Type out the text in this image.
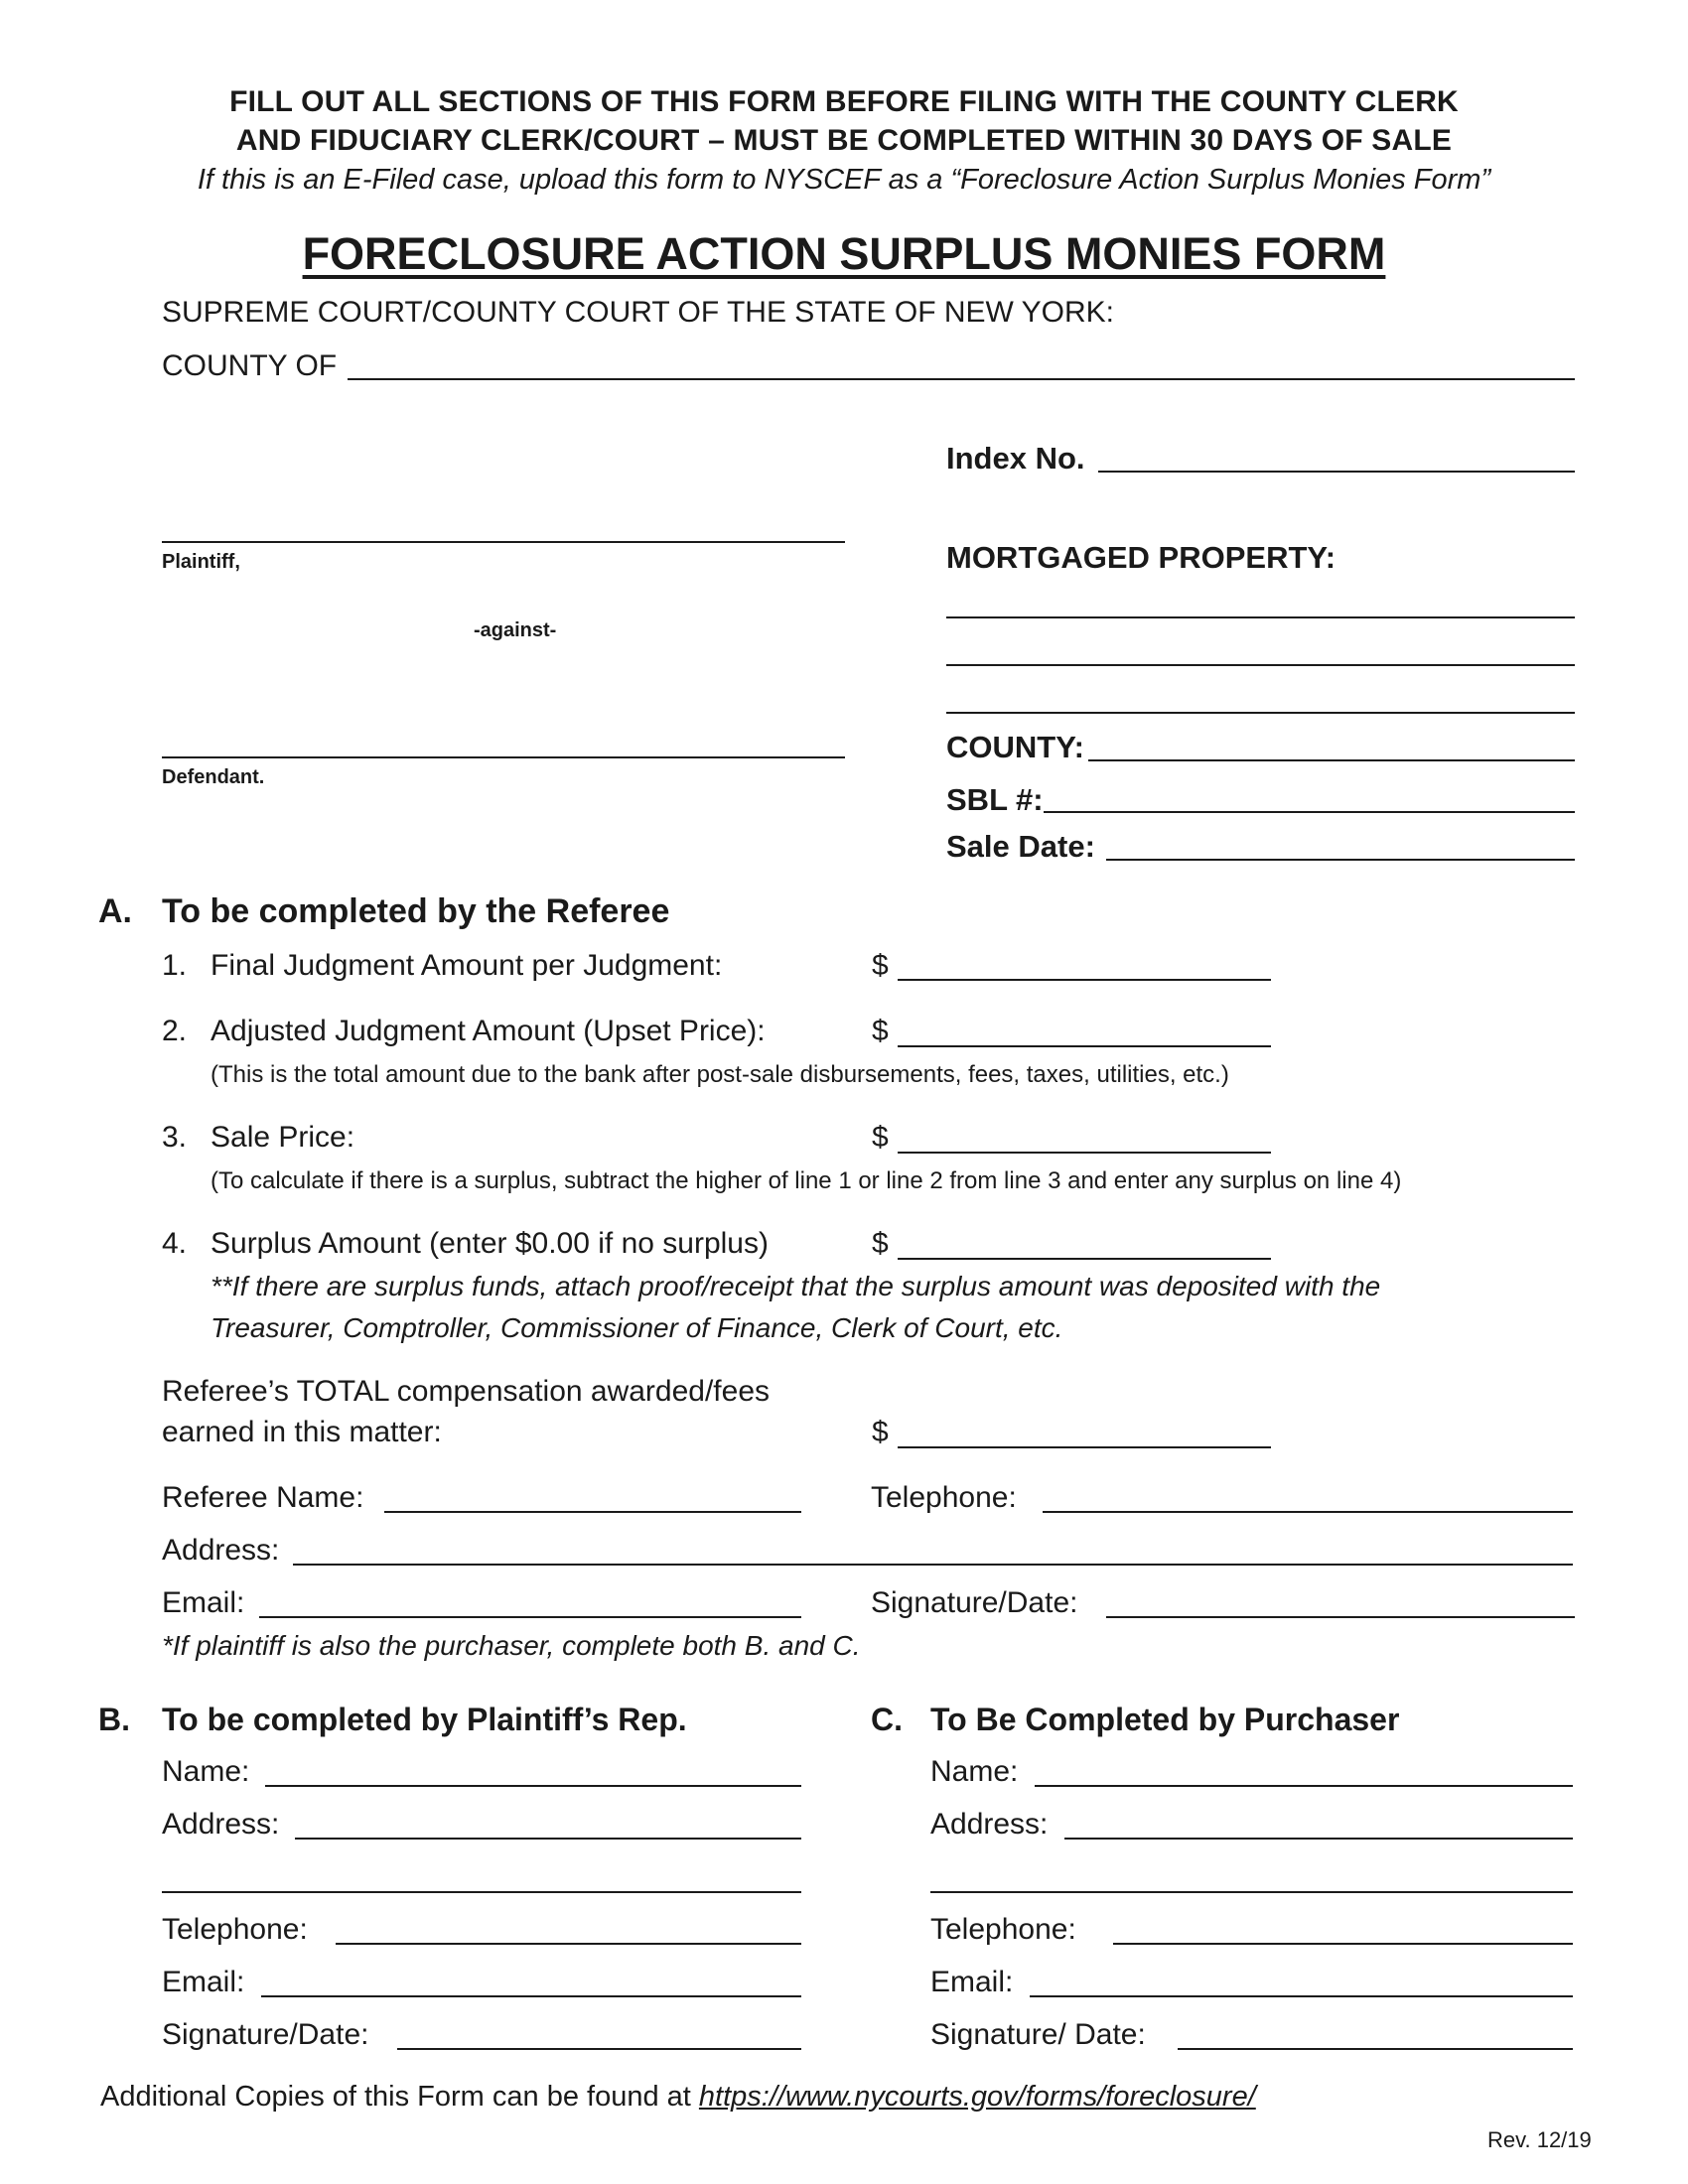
FILL OUT ALL SECTIONS OF THIS FORM BEFORE FILING WITH THE COUNTY CLERK
AND FIDUCIARY CLERK/COURT – MUST BE COMPLETED WITHIN 30 DAYS OF SALE
If this is an E-Filed case, upload this form to NYSCEF as a “Foreclosure Action Surplus Monies Form”
FORECLOSURE ACTION SURPLUS MONIES FORM
SUPREME COURT/COUNTY COURT OF THE STATE OF NEW YORK:
COUNTY OF
Plaintiff,
-against-
Defendant.
Index No.
MORTGAGED PROPERTY:
COUNTY:
SBL #:
Sale Date:
A. To be completed by the Referee
1. Final Judgment Amount per Judgment:	$
2. Adjusted Judgment Amount (Upset Price):	$
(This is the total amount due to the bank after post-sale disbursements, fees, taxes, utilities, etc.)
3. Sale Price:	$
(To calculate if there is a surplus, subtract the higher of line 1 or line 2 from line 3 and enter any surplus on line 4)
4. Surplus Amount (enter $0.00 if no surplus)	$
**If there are surplus funds, attach proof/receipt that the surplus amount was deposited with the
Treasurer, Comptroller, Commissioner of Finance, Clerk of Court, etc.
Referee’s TOTAL compensation awarded/fees
earned in this matter:	$
Referee Name:	Telephone:
Address:
Email:	Signature/Date:
*If plaintiff is also the purchaser, complete both B. and C.
B. To be completed by Plaintiff’s Rep.
Name:
Address:
Telephone:
Email:
Signature/Date:
C. To Be Completed by Purchaser
Name:
Address:
Telephone:
Email:
Signature/ Date:
Additional Copies of this Form can be found at https://www.nycourts.gov/forms/foreclosure/
Rev. 12/19
